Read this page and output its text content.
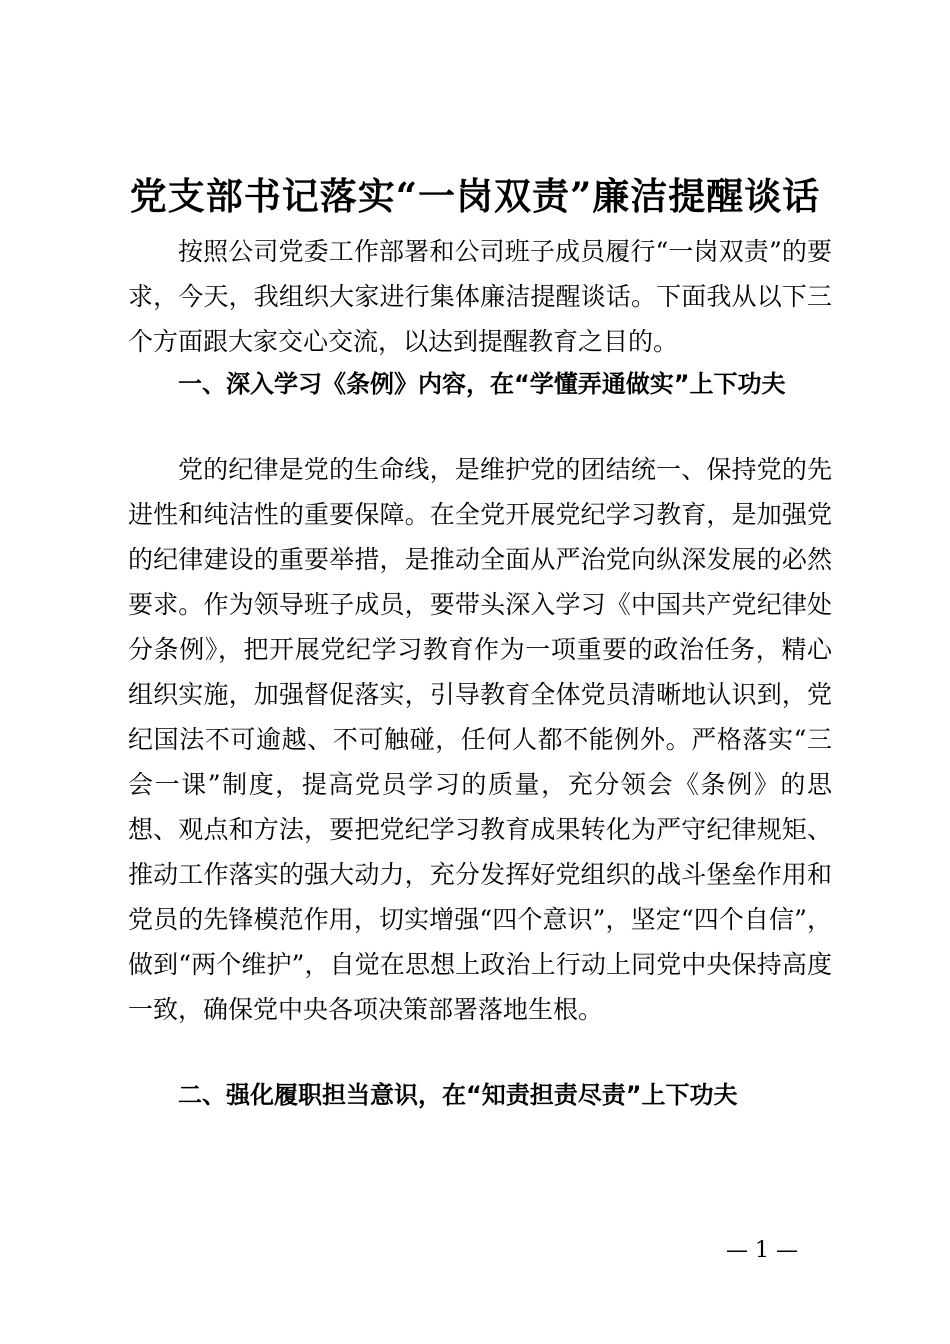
党支部书记落实“一岗双责”廉洁提醒谈话

按照公司党委工作部署和公司班子成员履行“一岗双责”的要求，今天，我组织大家进行集体廉洁提醒谈话。下面我从以下三个方面跟大家交心交流，以达到提醒教育之目的。

一、深入学习《条例》内容，在“学懂弄通做实”上下功夫

党的纪律是党的生命线，是维护党的团结统一、保持党的先进性和纯洁性的重要保障。在全党开展党纪学习教育，是加强党的纪律建设的重要举措，是推动全面从严治党向纵深发展的必然要求。作为领导班子成员，要带头深入学习《中国共产党纪律处分条例》，把开展党纪学习教育作为一项重要的政治任务，精心组织实施，加强督促落实，引导教育全体党员清晰地认识到，党纪国法不可逾越、不可触碰，任何人都不能例外。严格落实“三会一课”制度，提高党员学习的质量，充分领会《条例》的思想、观点和方法，要把党纪学习教育成果转化为严守纪律规矩、推动工作落实的强大动力，充分发挥好党组织的战斗堡垒作用和党员的先锋模范作用，切实增强“四个意识”，坚定“四个自信”，做到“两个维护”，自觉在思想上政治上行动上同党中央保持高度一致，确保党中央各项决策部署落地生根。

二、强化履职担当意识，在“知责担责尽责”上下功夫

— 1 —
